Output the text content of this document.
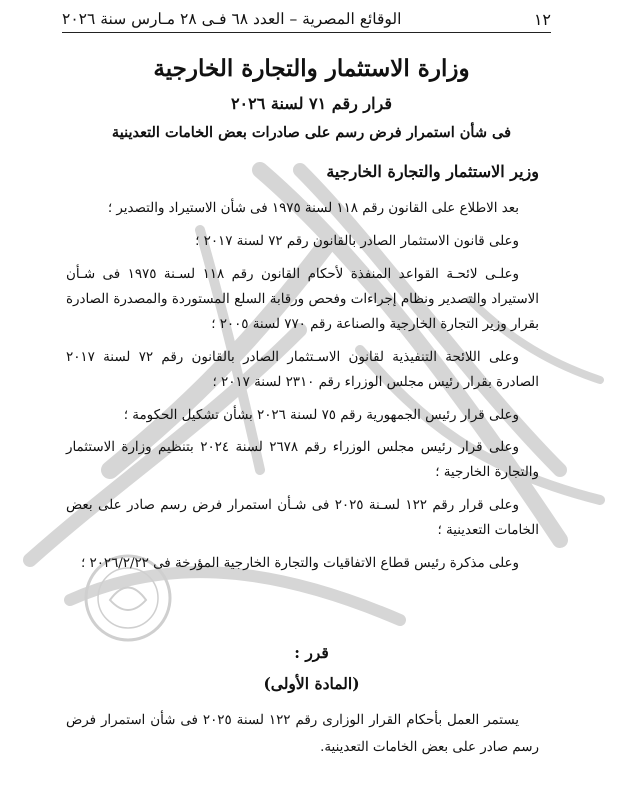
١٢
الوقائع المصرية – العدد ٦٨ فـى ٢٨ مـارس سنة ٢٠٢٦
وزارة الاستثمار والتجارة الخارجية
قرار رقم ٧١ لسنة ٢٠٢٦
فى شأن استمرار فرض رسم على صادرات بعض الخامات التعدينية
وزير الاستثمار والتجارة الخارجية

بعد الاطلاع على القانون رقم ١١٨ لسنة ١٩٧٥ فى شأن الاستيراد والتصدير ؛

وعلى قانون الاستثمار الصادر بالقانون رقم ٧٢ لسنة ٢٠١٧ ؛

وعلـى لائحـة القواعد المنفذة لأحكام القانون رقم ١١٨ لسـنة ١٩٧٥ فى شـأن الاستيراد والتصدير ونظام إجراءات وفحص ورقابة السلع المستوردة والمصدرة الصادرة بقرار وزير التجارة الخارجية والصناعة رقم ٧٧٠ لسنة ٢٠٠٥ ؛

وعلى اللائحة التنفيذية لقانون الاسـتثمار الصادر بالقانون رقم ٧٢ لسنة ٢٠١٧ الصادرة بقرار رئيس مجلس الوزراء رقم ٢٣١٠ لسنة ٢٠١٧ ؛

وعلى قرار رئيس الجمهورية رقم ٧٥ لسنة ٢٠٢٦ بشأن تشكيل الحكومة ؛

وعلى قرار رئيس مجلس الوزراء رقم ٢٦٧٨ لسنة ٢٠٢٤ بتنظيم وزارة الاستثمار والتجارة الخارجية ؛

وعلى قرار رقم ١٢٢ لسـنة ٢٠٢٥ فى شـأن استمرار فرض رسم صادر على بعض الخامات التعدينية ؛

وعلى مذكرة رئيس قطاع الاتفاقيات والتجارة الخارجية المؤرخة فى ٢٠٢٦/٢/٢٢ ؛

قرر :
(المادة الأولى)
يستمر العمل بأحكام القرار الوزارى رقم ١٢٢ لسنة ٢٠٢٥ فى شأن استمرار فرض رسم صادر على بعض الخامات التعدينية.
